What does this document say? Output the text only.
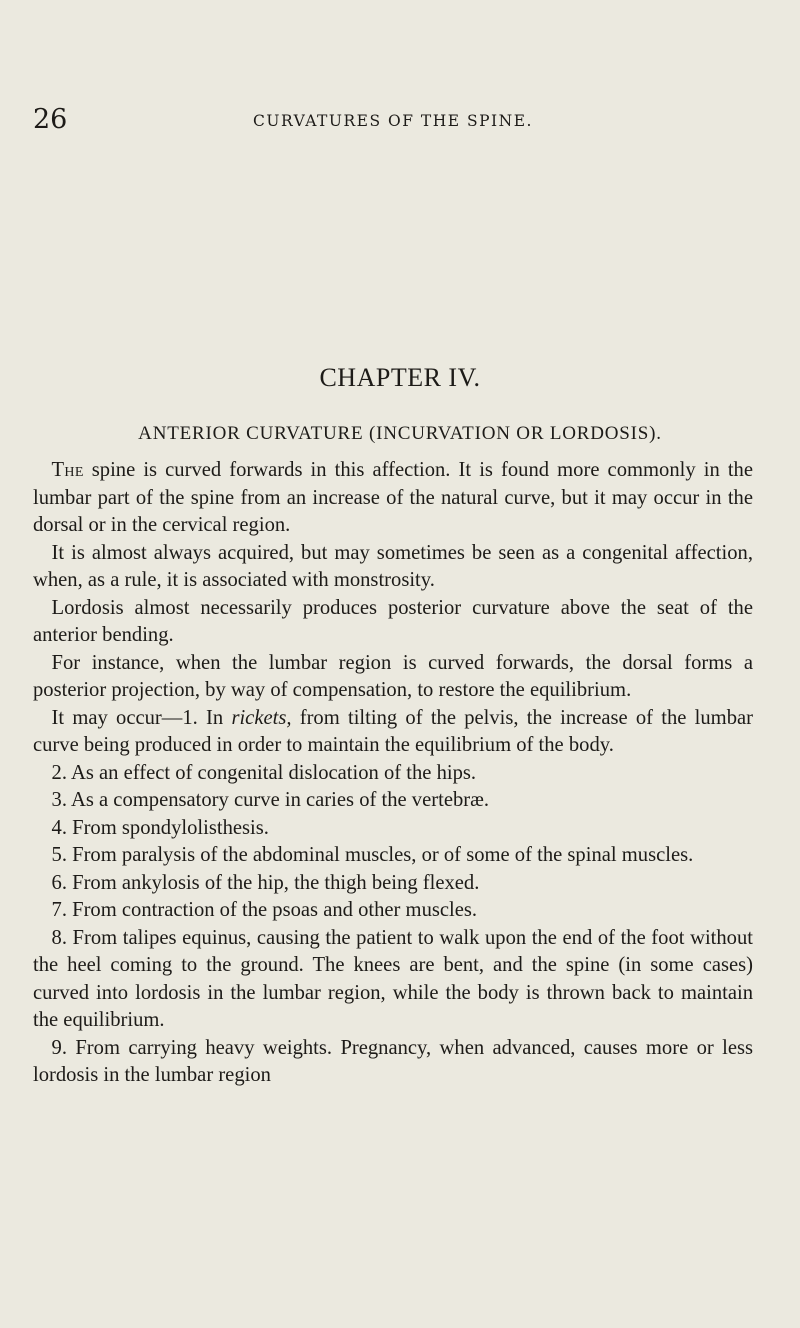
26	CURVATURES OF THE SPINE.
CHAPTER IV.
ANTERIOR CURVATURE (INCURVATION OR LORDOSIS).

The spine is curved forwards in this affection. It is found more commonly in the lumbar part of the spine from an increase of the natural curve, but it may occur in the dorsal or in the cervical region.

It is almost always acquired, but may sometimes be seen as a congenital affection, when, as a rule, it is associated with monstrosity.

Lordosis almost necessarily produces posterior curvature above the seat of the anterior bending.

For instance, when the lumbar region is curved forwards, the dorsal forms a posterior projection, by way of compensation, to restore the equilibrium.

It may occur—1. In rickets, from tilting of the pelvis, the increase of the lumbar curve being produced in order to maintain the equilibrium of the body.

2. As an effect of congenital dislocation of the hips.

3. As a compensatory curve in caries of the vertebræ.

4. From spondylolisthesis.

5. From paralysis of the abdominal muscles, or of some of the spinal muscles.

6. From ankylosis of the hip, the thigh being flexed.

7. From contraction of the psoas and other muscles.

8. From talipes equinus, causing the patient to walk upon the end of the foot without the heel coming to the ground. The knees are bent, and the spine (in some cases) curved into lordosis in the lumbar region, while the body is thrown back to maintain the equilibrium.

9. From carrying heavy weights. Pregnancy, when advanced, causes more or less lordosis in the lumbar region
